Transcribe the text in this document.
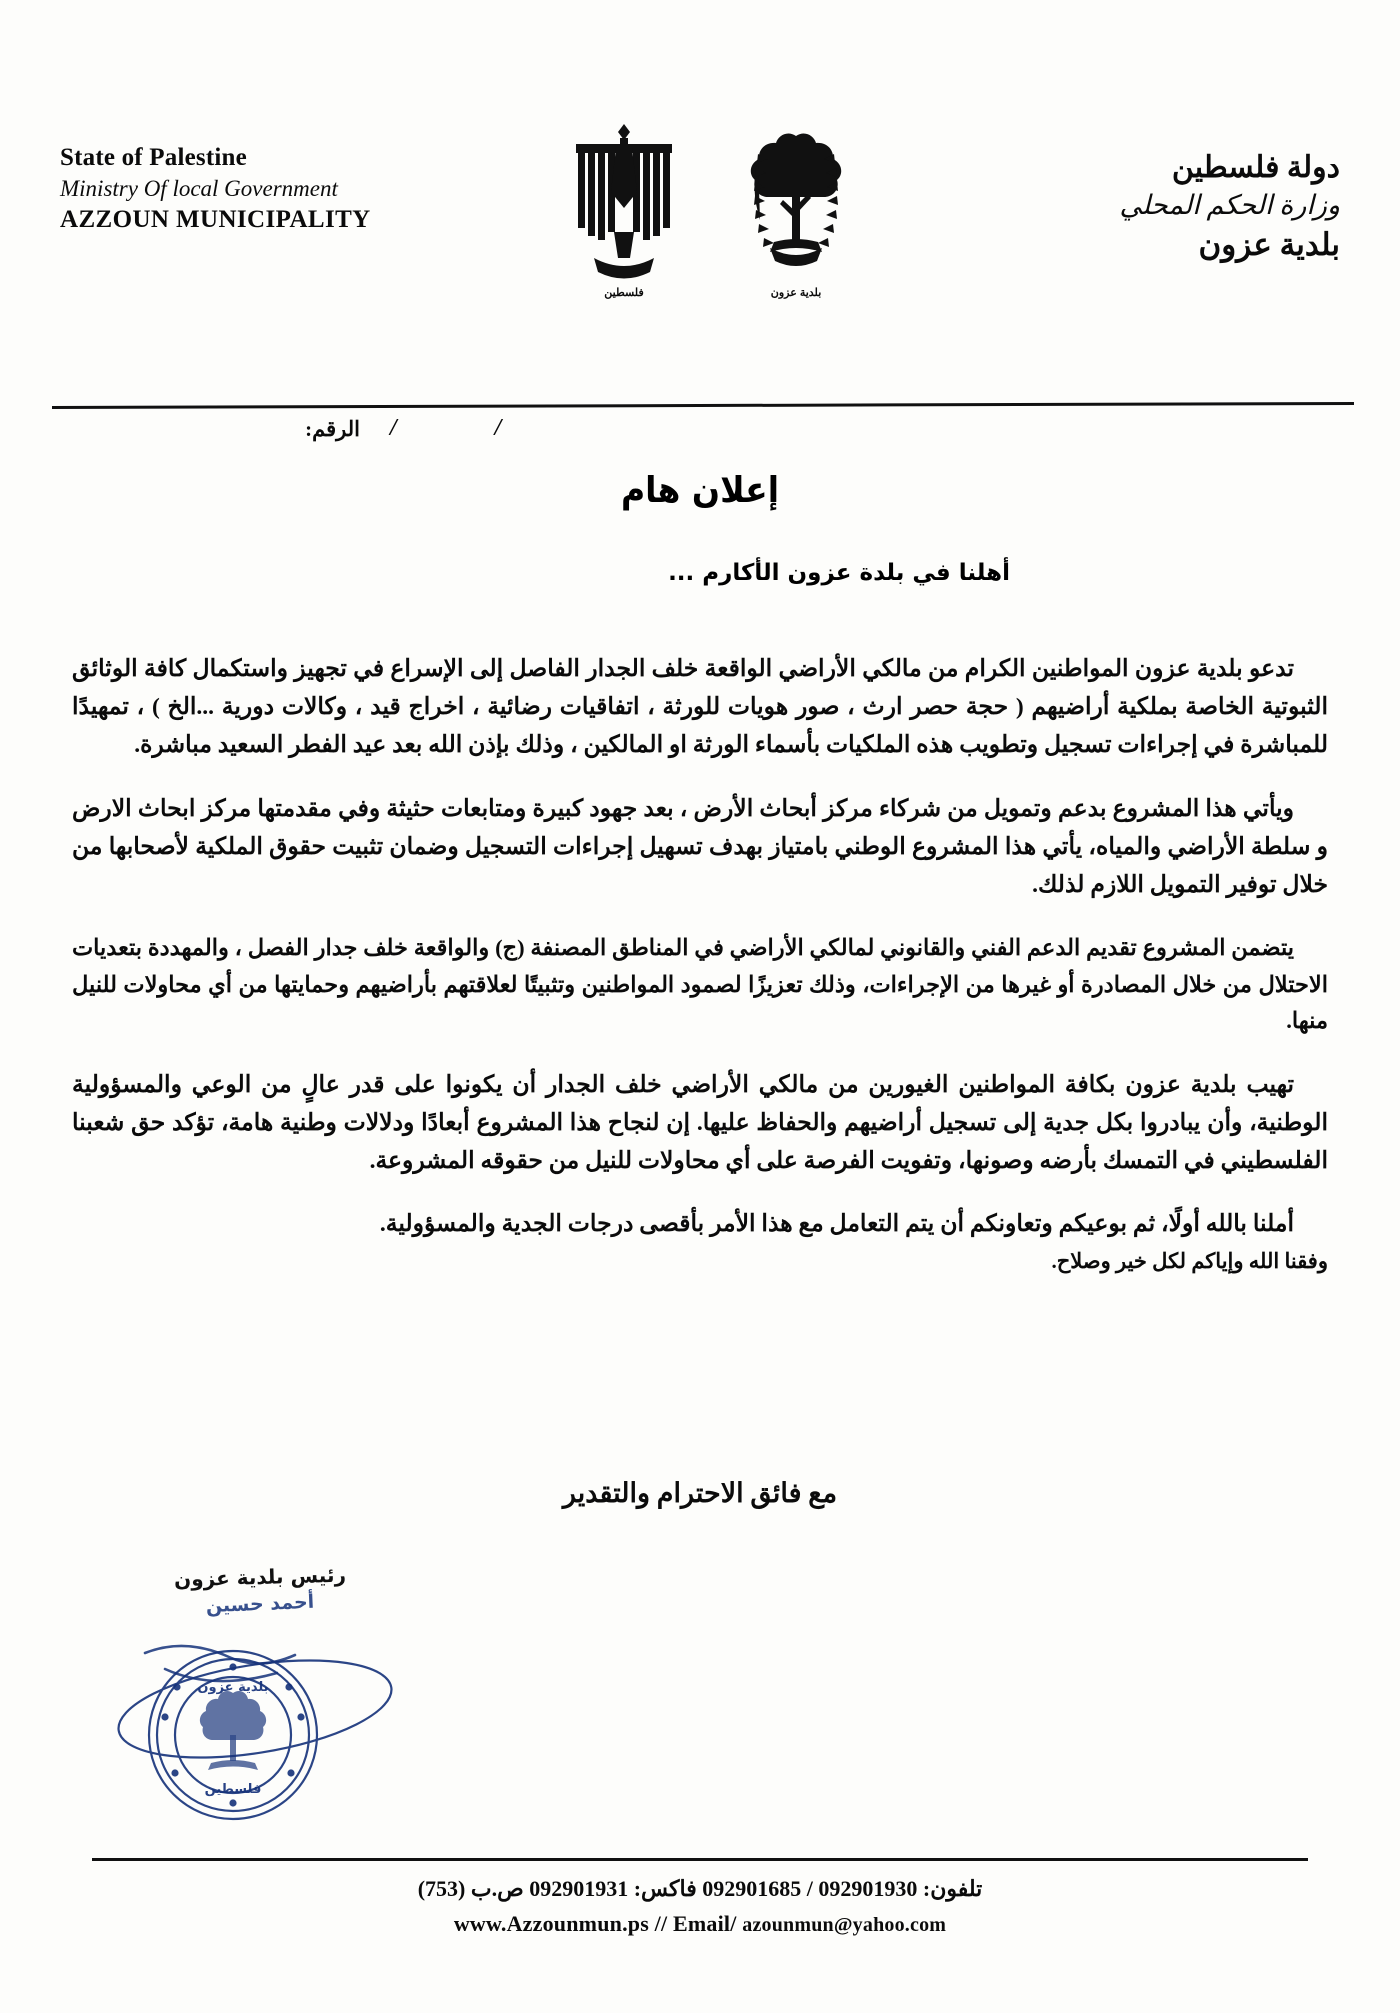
State of Palestine
Ministry Of local Government
AZZOUN MUNICIPALITY
فلسطين	بلدية عزون
دولة فلسطين
وزارة الحكم المحلي
بلدية عزون
الرقم: / /
إعلان هام
أهلنا في بلدة عزون الأكارم ...

تدعو بلدية عزون المواطنين الكرام من مالكي الأراضي الواقعة خلف الجدار الفاصل إلى الإسراع في تجهيز واستكمال كافة الوثائق الثبوتية الخاصة بملكية أراضيهم ( حجة حصر ارث ، صور هويات للورثة ، اتفاقيات رضائية ، اخراج قيد ، وكالات دورية ...الخ ) ، تمهيدًا للمباشرة في إجراءات تسجيل وتطويب هذه الملكيات بأسماء الورثة او المالكين ، وذلك بإذن الله بعد عيد الفطر السعيد مباشرة.

ويأتي هذا المشروع بدعم وتمويل من شركاء مركز أبحاث الأرض ، بعد جهود كبيرة ومتابعات حثيثة وفي مقدمتها مركز ابحاث الارض و سلطة الأراضي والمياه، يأتي هذا المشروع الوطني بامتياز بهدف تسهيل إجراءات التسجيل وضمان تثبيت حقوق الملكية لأصحابها من خلال توفير التمويل اللازم لذلك.

يتضمن المشروع تقديم الدعم الفني والقانوني لمالكي الأراضي في المناطق المصنفة (ج) والواقعة خلف جدار الفصل ، والمهددة بتعديات الاحتلال من خلال المصادرة أو غيرها من الإجراءات، وذلك تعزيزًا لصمود المواطنين وتثبيتًا لعلاقتهم بأراضيهم وحمايتها من أي محاولات للنيل منها.

تهيب بلدية عزون بكافة المواطنين الغيورين من مالكي الأراضي خلف الجدار أن يكونوا على قدر عالٍ من الوعي والمسؤولية الوطنية، وأن يبادروا بكل جدية إلى تسجيل أراضيهم والحفاظ عليها. إن لنجاح هذا المشروع أبعادًا ودلالات وطنية هامة، تؤكد حق شعبنا الفلسطيني في التمسك بأرضه وصونها، وتفويت الفرصة على أي محاولات للنيل من حقوقه المشروعة.

أملنا بالله أولًا، ثم بوعيكم وتعاونكم أن يتم التعامل مع هذا الأمر بأقصى درجات الجدية والمسؤولية.

وفقنا الله وإياكم لكل خير وصلاح.

مع فائق الاحترام والتقدير
رئيس بلدية عزون
أحمد حسين
بلدية عزون
فلسطين
تلفون: 092901930 / 092901685 فاكس: 092901931 ص.ب (753)
www.Azzounmun.ps // Email/ azounmun@yahoo.com
